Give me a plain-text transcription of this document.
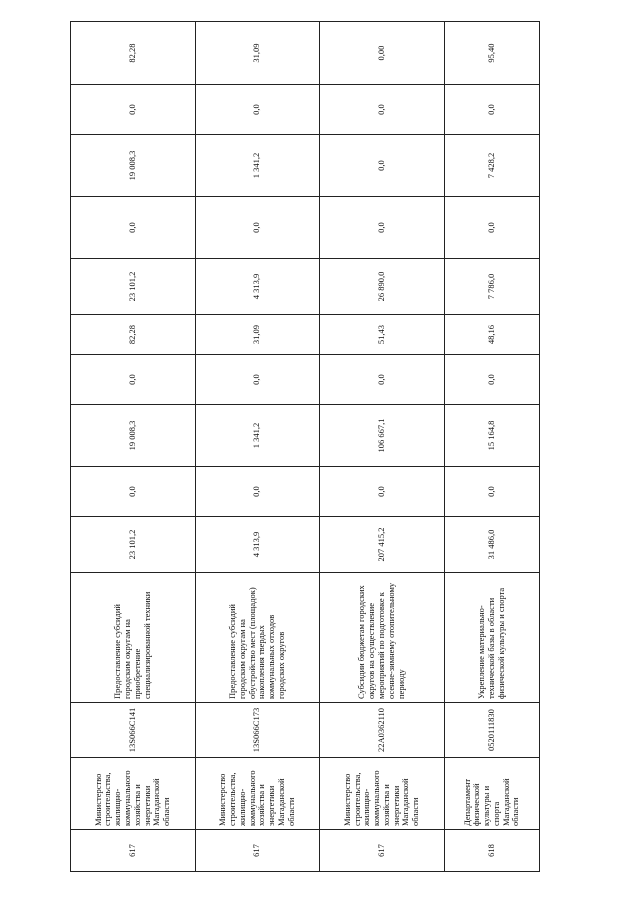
617	Министерство строительства, жилищно-коммунального хозяйства и энергетики Магаданской области	13S066C141	Предоставление субсидий городским округам на приобретение специализированной техники	23 101,2	0,0	19 008,3	0,0	82,28	23 101,2	0,0	19 008,3	0,0	82,28
617	Министерство строительства, жилищно-коммунального хозяйства и энергетики Магаданской области	13S066C173	Предоставление субсидий городским округам на обустройство мест (площадок) накопления твердых коммунальных отходов городских округов	4 313,9	0,0	1 341,2	0,0	31,09	4 313,9	0,0	1 341,2	0,0	31,09
617	Министерство строительства, жилищно-коммунального хозяйства и энергетики Магаданской области	22A0362110	Субсидии бюджетам городских округов на осуществление мероприятий по подготовке к осенне-зимнему отопительному периоду	207 415,2	0,0	106 667,1	0,0	51,43	26 890,0	0,0	0,0	0,0	0,00
618	Департамент физической культуры и спорта Магаданской области	0520111830	Укрепление материально-технической базы в области физической культуры и спорта	31 486,0	0,0	15 164,8	0,0	48,16	7 786,0	0,0	7 428,2	0,0	95,40
